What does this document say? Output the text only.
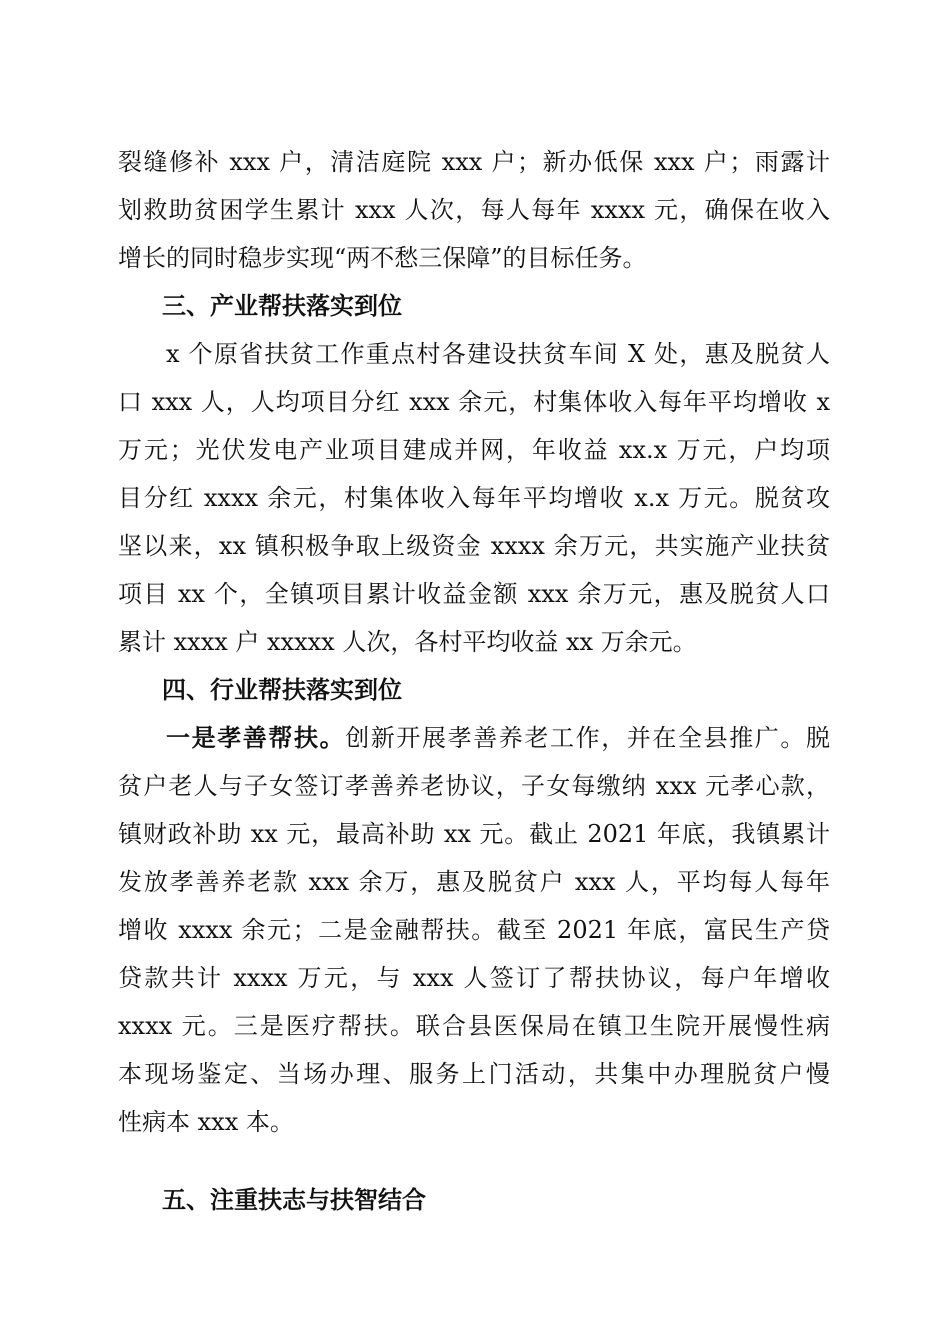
裂缝修补 xxx 户，清洁庭院 xxx 户；新办低保 xxx 户；雨露计
划救助贫困学生累计 xxx 人次，每人每年 xxxx 元，确保在收入
增长的同时稳步实现“两不愁三保障”的目标任务。
三、产业帮扶落实到位
x 个原省扶贫工作重点村各建设扶贫车间 X 处，惠及脱贫人
口 xxx 人，人均项目分红 xxx 余元，村集体收入每年平均增收 x
万元；光伏发电产业项目建成并网，年收益 xx.x 万元，户均项
目分红 xxxx 余元，村集体收入每年平均增收 x.x 万元。脱贫攻
坚以来，xx 镇积极争取上级资金 xxxx 余万元，共实施产业扶贫
项目 xx 个，全镇项目累计收益金额 xxx 余万元，惠及脱贫人口
累计 xxxx 户 xxxxx 人次，各村平均收益 xx 万余元。
四、行业帮扶落实到位
一是孝善帮扶。创新开展孝善养老工作，并在全县推广。脱
贫户老人与子女签订孝善养老协议，子女每缴纳 xxx 元孝心款，
镇财政补助 xx 元，最高补助 xx 元。截止 2021 年底，我镇累计
发放孝善养老款 xxx 余万，惠及脱贫户 xxx 人，平均每人每年
增收 xxxx 余元；二是金融帮扶。截至 2021 年底，富民生产贷
贷款共计 xxxx 万元，与 xxx 人签订了帮扶协议，每户年增收
xxxx 元。三是医疗帮扶。联合县医保局在镇卫生院开展慢性病
本现场鉴定、当场办理、服务上门活动，共集中办理脱贫户慢
性病本 xxx 本。
五、注重扶志与扶智结合
